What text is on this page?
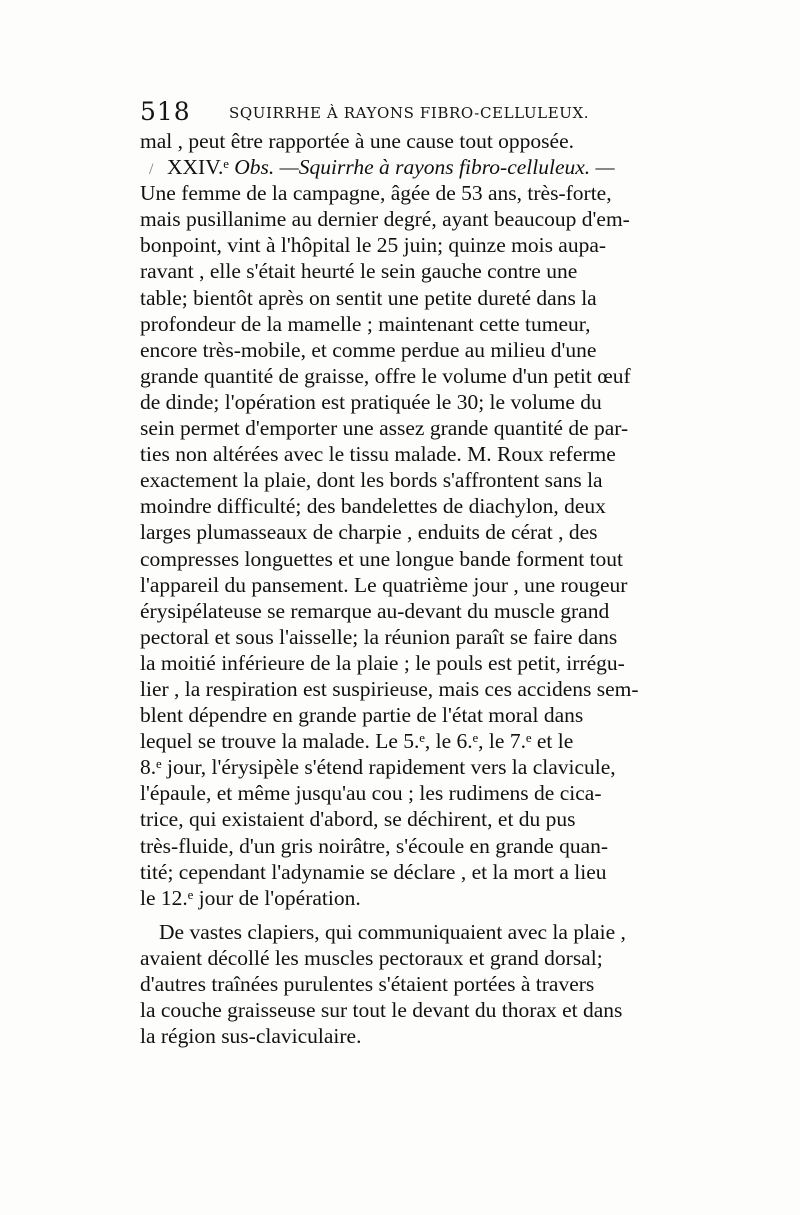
518	SQUIRRHE À RAYONS FIBRO-CELLULEUX.
mal , peut être rapportée à une cause tout opposée.
/ XXIV.ᵉ Obs. —Squirrhe à rayons fibro-celluleux. —
Une femme de la campagne, âgée de 53 ans, très-forte,
mais pusillanime au dernier degré, ayant beaucoup d'em-
bonpoint, vint à l'hôpital le 25 juin; quinze mois aupa-
ravant , elle s'était heurté le sein gauche contre une
table; bientôt après on sentit une petite dureté dans la
profondeur de la mamelle ; maintenant cette tumeur,
encore très-mobile, et comme perdue au milieu d'une
grande quantité de graisse, offre le volume d'un petit œuf
de dinde; l'opération est pratiquée le 30; le volume du
sein permet d'emporter une assez grande quantité de par-
ties non altérées avec le tissu malade. M. Roux referme
exactement la plaie, dont les bords s'affrontent sans la
moindre difficulté; des bandelettes de diachylon, deux
larges plumasseaux de charpie , enduits de cérat , des
compresses longuettes et une longue bande forment tout
l'appareil du pansement. Le quatrième jour , une rougeur
érysipélateuse se remarque au-devant du muscle grand
pectoral et sous l'aisselle; la réunion paraît se faire dans
la moitié inférieure de la plaie ; le pouls est petit, irrégu-
lier , la respiration est suspirieuse, mais ces accidens sem-
blent dépendre en grande partie de l'état moral dans
lequel se trouve la malade. Le 5.ᵉ, le 6.ᵉ, le 7.ᵉ et le
8.ᵉ jour, l'érysipèle s'étend rapidement vers la clavicule,
l'épaule, et même jusqu'au cou ; les rudimens de cica-
trice, qui existaient d'abord, se déchirent, et du pus
très-fluide, d'un gris noirâtre, s'écoule en grande quan-
tité; cependant l'adynamie se déclare , et la mort a lieu
le 12.ᵉ jour de l'opération.
De vastes clapiers, qui communiquaient avec la plaie ,
avaient décollé les muscles pectoraux et grand dorsal;
d'autres traînées purulentes s'étaient portées à travers
la couche graisseuse sur tout le devant du thorax et dans
la région sus-claviculaire.
